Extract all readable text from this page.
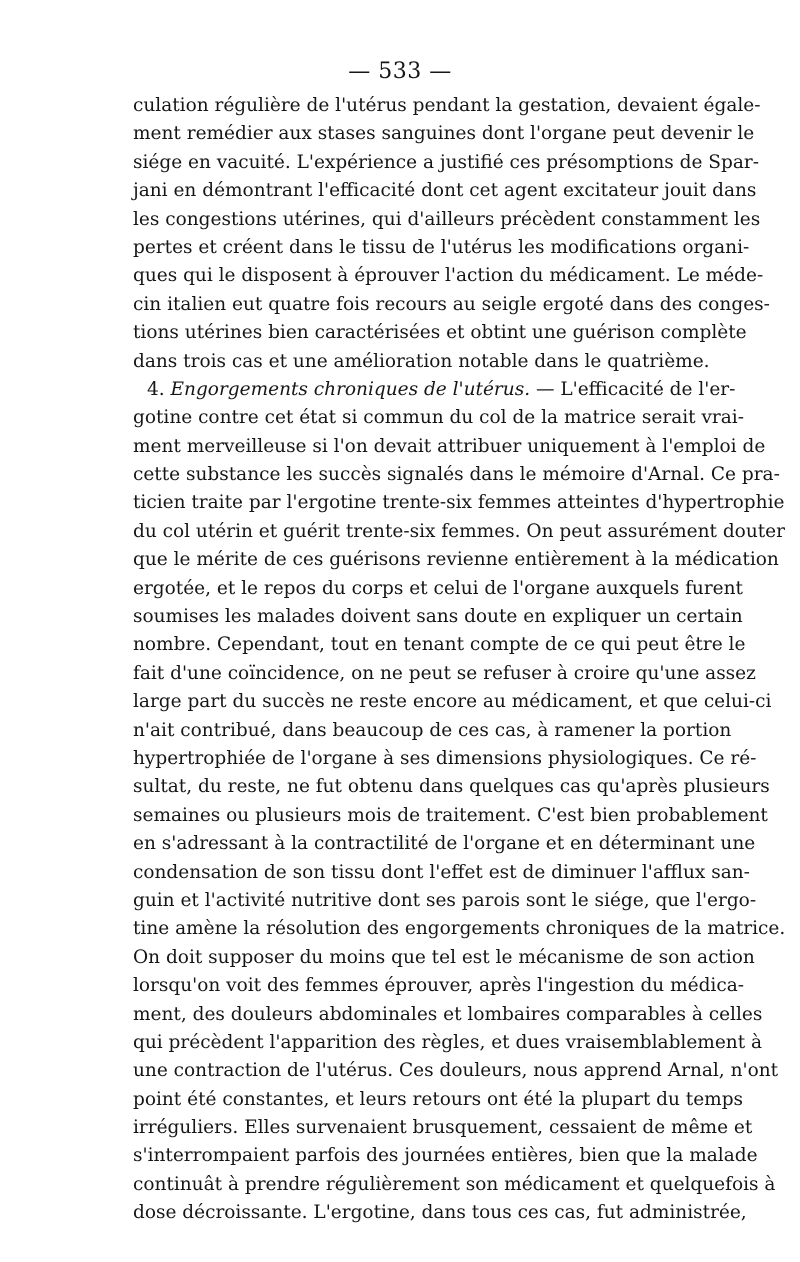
— 533 —
culation régulière de l'utérus pendant la gestation, devaient égale-
ment remédier aux stases sanguines dont l'organe peut devenir le
siége en vacuité. L'expérience a justifié ces présomptions de Spar-
jani en démontrant l'efficacité dont cet agent excitateur jouit dans
les congestions utérines, qui d'ailleurs précèdent constamment les
pertes et créent dans le tissu de l'utérus les modifications organi-
ques qui le disposent à éprouver l'action du médicament. Le méde-
cin italien eut quatre fois recours au seigle ergoté dans des conges-
tions utérines bien caractérisées et obtint une guérison complète
dans trois cas et une amélioration notable dans le quatrième.
4. Engorgements chroniques de l'utérus. — L'efficacité de l'er-
gotine contre cet état si commun du col de la matrice serait vrai-
ment merveilleuse si l'on devait attribuer uniquement à l'emploi de
cette substance les succès signalés dans le mémoire d'Arnal. Ce pra-
ticien traite par l'ergotine trente-six femmes atteintes d'hypertrophie
du col utérin et guérit trente-six femmes. On peut assurément douter
que le mérite de ces guérisons revienne entièrement à la médication
ergotée, et le repos du corps et celui de l'organe auxquels furent
soumises les malades doivent sans doute en expliquer un certain
nombre. Cependant, tout en tenant compte de ce qui peut être le
fait d'une coïncidence, on ne peut se refuser à croire qu'une assez
large part du succès ne reste encore au médicament, et que celui-ci
n'ait contribué, dans beaucoup de ces cas, à ramener la portion
hypertrophiée de l'organe à ses dimensions physiologiques. Ce ré-
sultat, du reste, ne fut obtenu dans quelques cas qu'après plusieurs
semaines ou plusieurs mois de traitement. C'est bien probablement
en s'adressant à la contractilité de l'organe et en déterminant une
condensation de son tissu dont l'effet est de diminuer l'afflux san-
guin et l'activité nutritive dont ses parois sont le siége, que l'ergo-
tine amène la résolution des engorgements chroniques de la matrice.
On doit supposer du moins que tel est le mécanisme de son action
lorsqu'on voit des femmes éprouver, après l'ingestion du médica-
ment, des douleurs abdominales et lombaires comparables à celles
qui précèdent l'apparition des règles, et dues vraisemblablement à
une contraction de l'utérus. Ces douleurs, nous apprend Arnal, n'ont
point été constantes, et leurs retours ont été la plupart du temps
irréguliers. Elles survenaient brusquement, cessaient de même et
s'interrompaient parfois des journées entières, bien que la malade
continuât à prendre régulièrement son médicament et quelquefois à
dose décroissante. L'ergotine, dans tous ces cas, fut administrée,
